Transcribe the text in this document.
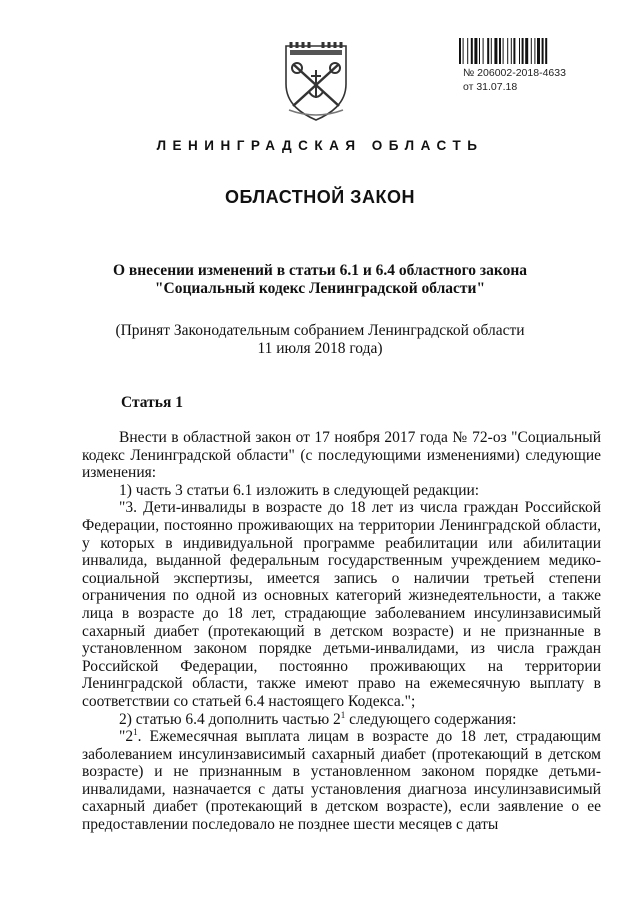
№ 206002-2018-4633
от 31.07.18
ЛЕНИНГРАДСКАЯ ОБЛАСТЬ
ОБЛАСТНОЙ ЗАКОН
О внесении изменений в статьи 6.1 и 6.4 областного закона
"Социальный кодекс Ленинградской области"
(Принят Законодательным собранием Ленинградской области
11 июля 2018 года)
Статья 1

Внести в областной закон от 17 ноября 2017 года № 72-оз "Социальный кодекс Ленинградской области" (с последующими изменениями) следующие изменения:

1) часть 3 статьи 6.1 изложить в следующей редакции:

"3. Дети-инвалиды в возрасте до 18 лет из числа граждан Российской Федерации, постоянно проживающих на территории Ленинградской области, у которых в индивидуальной программе реабилитации или абилитации инвалида, выданной федеральным государственным учреждением медико-социальной экспертизы, имеется запись о наличии третьей степени ограничения по одной из основных категорий жизнедеятельности, а также лица в возрасте до 18 лет, страдающие заболеванием инсулинзависимый сахарный диабет (протекающий в детском возрасте) и не признанные в установленном законом порядке детьми-инвалидами, из числа граждан Российской Федерации, постоянно проживающих на территории Ленинградской области, также имеют право на ежемесячную выплату в соответствии со статьей 6.4 настоящего Кодекса.";

2) статью 6.4 дополнить частью $2^1$ следующего содержания:

"$2^1$. Ежемесячная выплата лицам в возрасте до 18 лет, страдающим заболеванием инсулинзависимый сахарный диабет (протекающий в детском возрасте) и не признанным в установленном законом порядке детьми-инвалидами, назначается с даты установления диагноза инсулинзависимый сахарный диабет (протекающий в детском возрасте), если заявление о ее предоставлении последовало не позднее шести месяцев с даты
